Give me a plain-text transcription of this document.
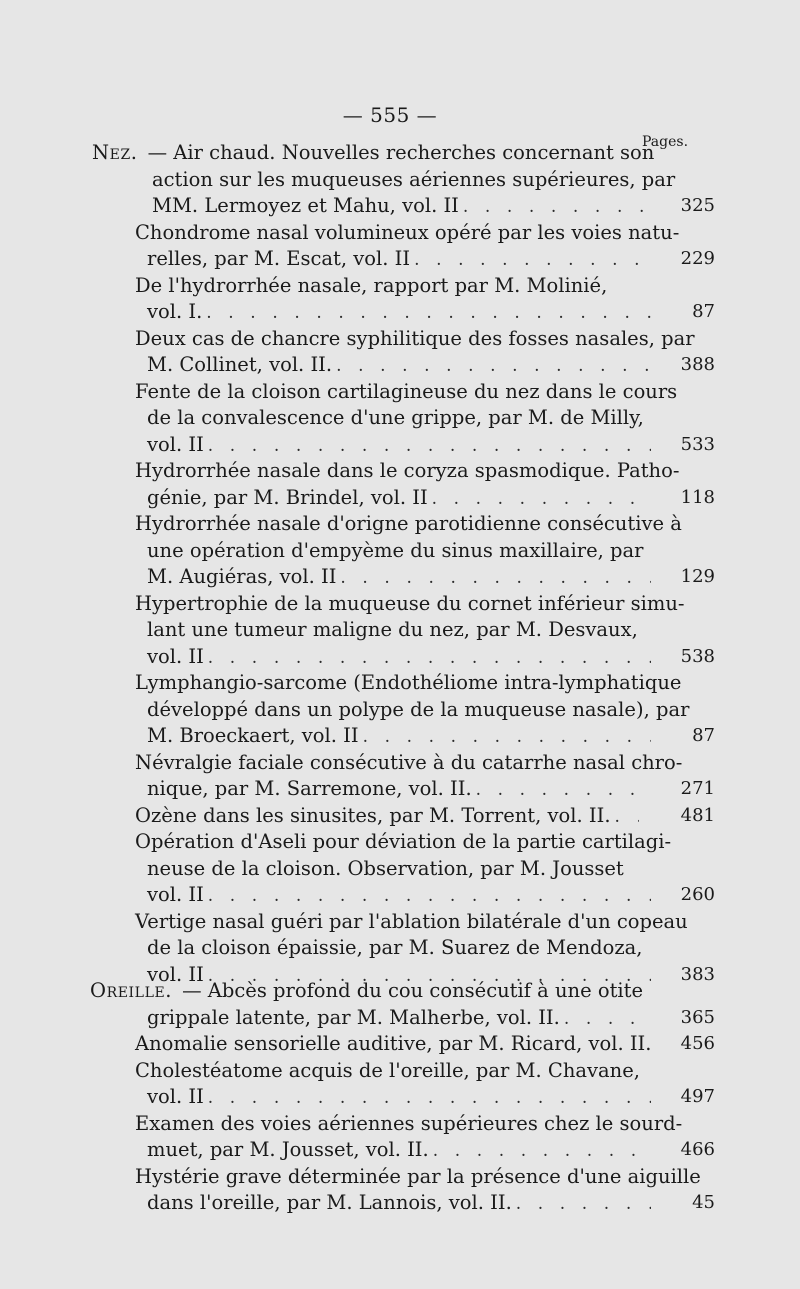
— 555 —
Pages.
Nez. — Air chaud. Nouvelles recherches concernant son
action sur les muqueuses aériennes supérieures, par
MM. Lermoyez et Mahu, vol. II . . .	325
Chondrome nasal volumineux opéré par les voies natu-
relles, par M. Escat, vol. II . . .	229
De l'hydrorrhée nasale, rapport par M. Molinié,
vol. I. . . .	87
Deux cas de chancre syphilitique des fosses nasales, par
M. Collinet, vol. II. . . .	388
Fente de la cloison cartilagineuse du nez dans le cours
de la convalescence d'une grippe, par M. de Milly,
vol. II . . .	533
Hydrorrhée nasale dans le coryza spasmodique. Patho-
génie, par M. Brindel, vol. II . . .	118
Hydrorrhée nasale d'origne parotidienne consécutive à
une opération d'empyème du sinus maxillaire, par
M. Augiéras, vol. II . . .	129
Hypertrophie de la muqueuse du cornet inférieur simu-
lant une tumeur maligne du nez, par M. Desvaux,
vol. II . . .	538
Lymphangio-sarcome (Endothéliome intra-lymphatique
développé dans un polype de la muqueuse nasale), par
M. Broeckaert, vol. II . . .	87
Névralgie faciale consécutive à du catarrhe nasal chro-
nique, par M. Sarremone, vol. II. . . .	271
Ozène dans les sinusites, par M. Torrent, vol. II. . . .	481
Opération d'Aseli pour déviation de la partie cartilagi-
neuse de la cloison. Observation, par M. Jousset
vol. II . . .	260
Vertige nasal guéri par l'ablation bilatérale d'un copeau
de la cloison épaissie, par M. Suarez de Mendoza,
vol. II . . .	383
Oreille. — Abcès profond du cou consécutif à une otite
grippale latente, par M. Malherbe, vol. II. . . .	365
Anomalie sensorielle auditive, par M. Ricard, vol. II.	456
Cholestéatome acquis de l'oreille, par M. Chavane,
vol. II . . .	497
Examen des voies aériennes supérieures chez le sourd-
muet, par M. Jousset, vol. II. . . .	466
Hystérie grave déterminée par la présence d'une aiguille
dans l'oreille, par M. Lannois, vol. II. . . .	45
